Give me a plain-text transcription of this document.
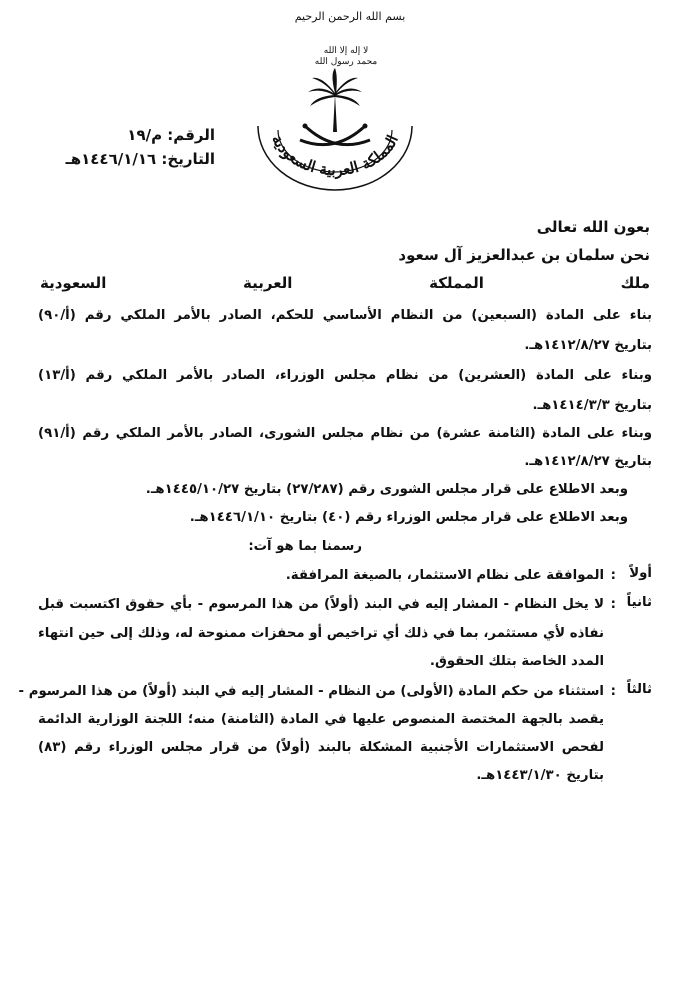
بسم الله الرحمن الرحيم
لا إله إلا الله
محمد رسول الله
المملكة العربية السعودية
الرقم: م/١٩
التاريخ: ١٤٤٦/١/١٦هـ
بعون الله تعالى
نحن سلمان بن عبدالعزيز آل سعود
ملك المملكة العربية السعودية
بناء على المادة (السبعين) من النظام الأساسي للحكم، الصادر بالأمر الملكي رقم (أ/٩٠)
بتاريخ ١٤١٢/٨/٢٧هـ.
وبناء على المادة (العشرين) من نظام مجلس الوزراء، الصادر بالأمر الملكي رقم (أ/١٣)
بتاريخ ١٤١٤/٣/٣هـ.
وبناء على المادة (الثامنة عشرة) من نظام مجلس الشورى، الصادر بالأمر الملكي رقم (أ/٩١)
بتاريخ ١٤١٢/٨/٢٧هـ.
وبعد الاطلاع على قرار مجلس الشورى رقم (٢٧/٢٨٧) بتاريخ ١٤٤٥/١٠/٢٧هـ.
وبعد الاطلاع على قرار مجلس الوزراء رقم (٤٠) بتاريخ ١٤٤٦/١/١٠هـ.
رسمنا بما هو آت:
أولاً
:
الموافقة على نظام الاستثمار، بالصيغة المرافقة.
ثانياً
:
لا يخل النظام - المشار إليه في البند (أولاً) من هذا المرسوم - بأي حقوق اكتسبت قبل
نفاذه لأي مستثمر، بما في ذلك أي تراخيص أو محفزات ممنوحة له، وذلك إلى حين انتهاء
المدد الخاصة بتلك الحقوق.
ثالثاً
:
استثناء من حكم المادة (الأولى) من النظام - المشار إليه في البند (أولاً) من هذا المرسوم -
يقصد بالجهة المختصة المنصوص عليها في المادة (الثامنة) منه؛ اللجنة الوزارية الدائمة
لفحص الاستثمارات الأجنبية المشكلة بالبند (أولاً) من قرار مجلس الوزراء رقم (٨٣)
بتاريخ ١٤٤٣/١/٣٠هـ.
